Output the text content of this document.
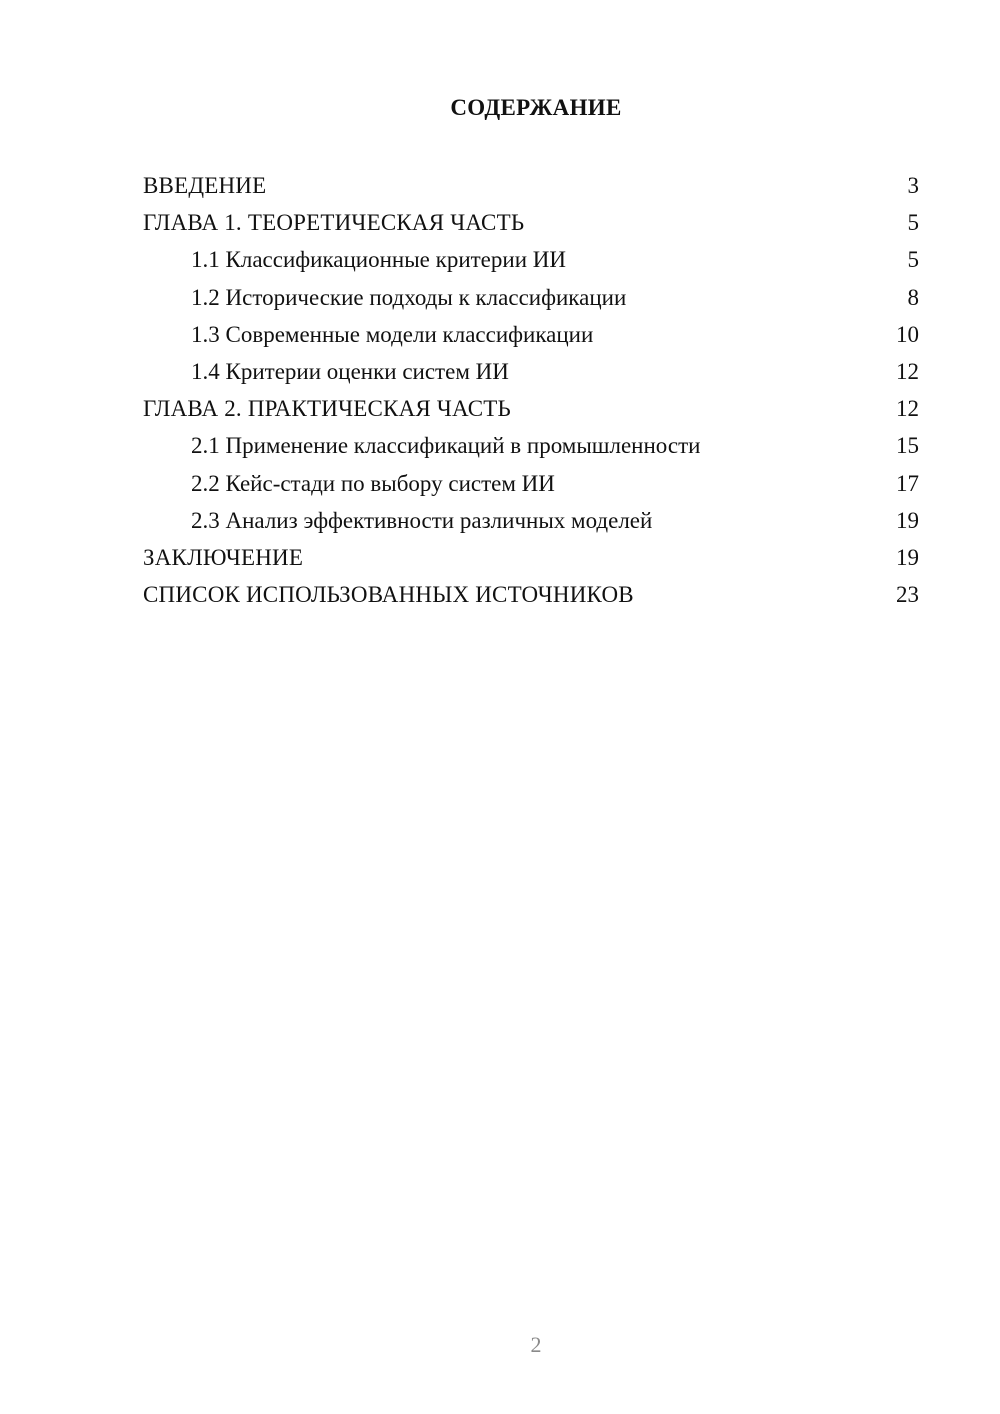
СОДЕРЖАНИЕ
ВВЕДЕНИЕ	3
ГЛАВА 1. ТЕОРЕТИЧЕСКАЯ ЧАСТЬ	5
1.1 Классификационные критерии ИИ	5
1.2 Исторические подходы к классификации	8
1.3 Современные модели классификации	10
1.4 Критерии оценки систем ИИ	12
ГЛАВА 2. ПРАКТИЧЕСКАЯ ЧАСТЬ	12
2.1 Применение классификаций в промышленности	15
2.2 Кейс-стади по выбору систем ИИ	17
2.3 Анализ эффективности различных моделей	19
ЗАКЛЮЧЕНИЕ	19
СПИСОК ИСПОЛЬЗОВАННЫХ ИСТОЧНИКОВ	23
2
